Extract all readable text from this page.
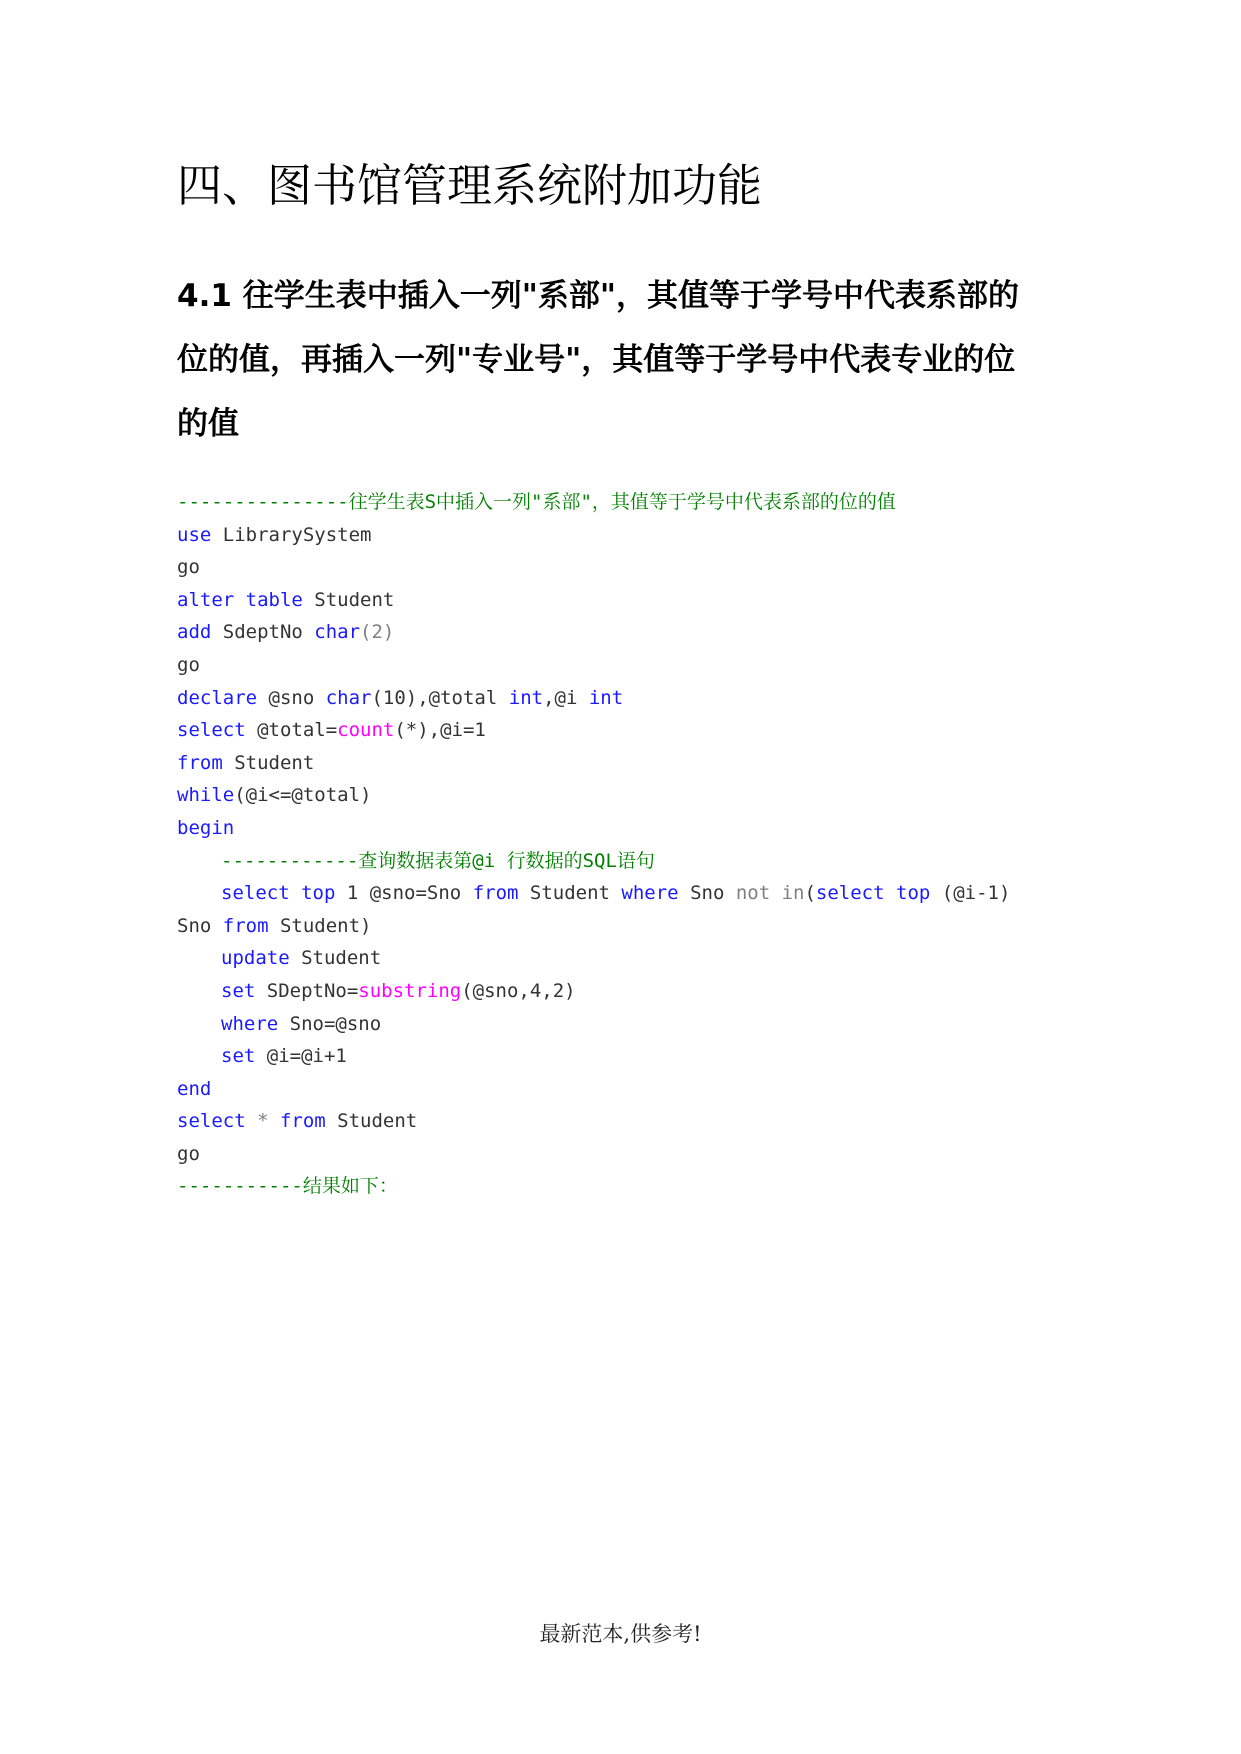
四、图书馆管理系统附加功能
4.1 往学生表中插入一列"系部"，其值等于学号中代表系部的
位的值，再插入一列"专业号"，其值等于学号中代表专业的位
的值
---------------往学生表S中插入一列"系部"，其值等于学号中代表系部的位的值
use LibrarySystem
go
alter table Student
add SdeptNo char(2)
go
declare @sno char(10),@total int,@i int
select @total=count(*),@i=1
from Student
while(@i<=@total)
begin
------------查询数据表第@i 行数据的SQL语句
select top 1 @sno=Sno from Student where Sno not in(select top (@i-1)
Sno from Student)
update Student
set SDeptNo=substring(@sno,4,2)
where Sno=@sno
set @i=@i+1
end
select * from Student
go
-----------结果如下：
最新范本,供参考!
